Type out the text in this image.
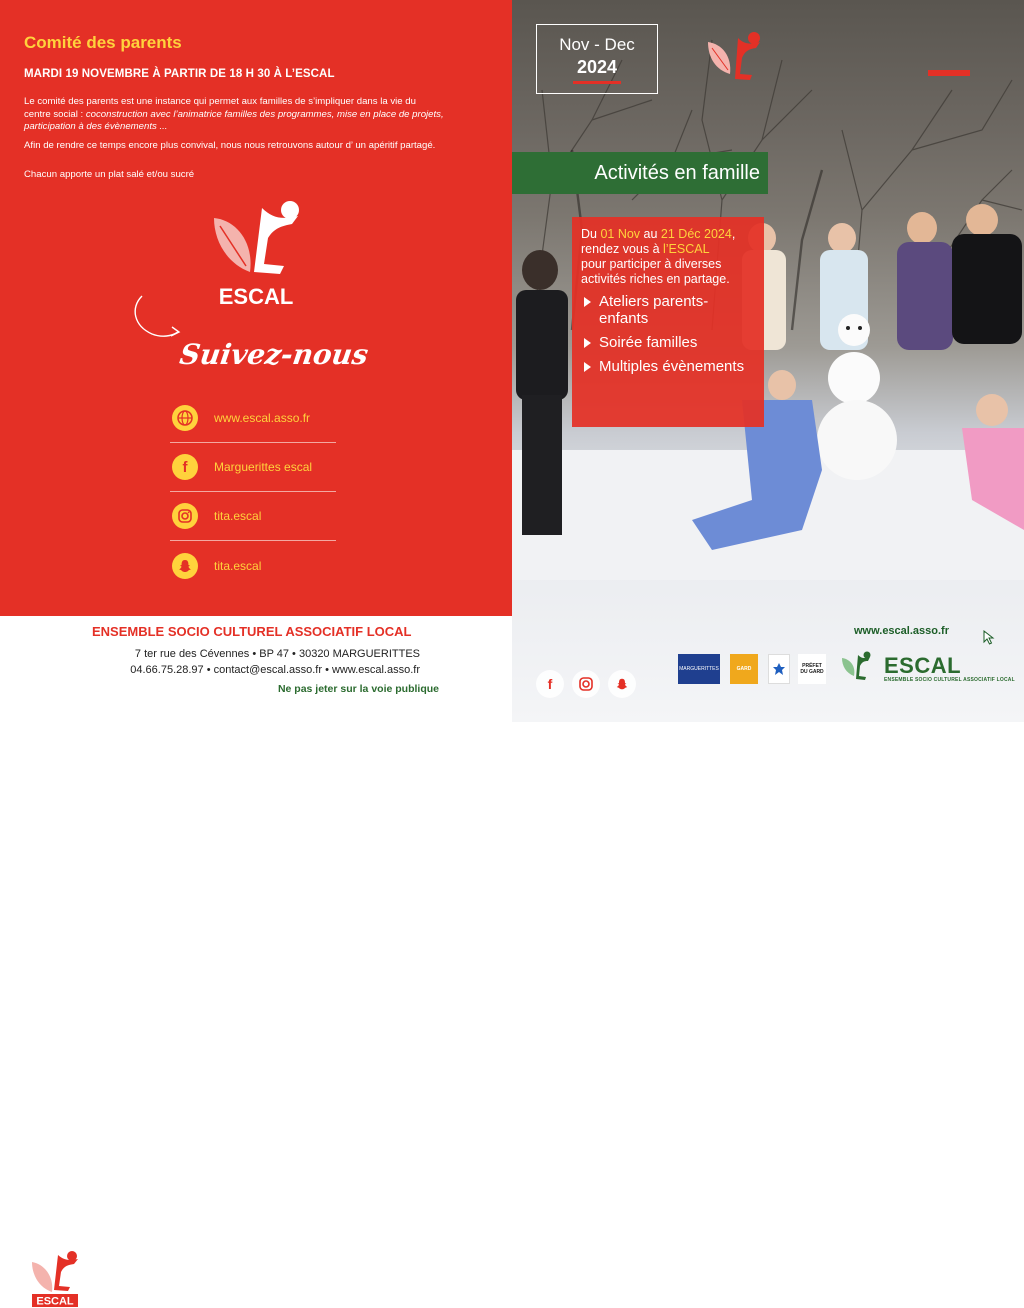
Comité des parents
MARDI 19 NOVEMBRE À PARTIR DE 18 H 30 À L’ESCAL
Le comité des parents est une instance qui permet aux familles de s’impliquer dans la vie du centre social : coconstruction avec l’animatrice familles des programmes, mise en place de projets, participation à des évènements ...
Afin de rendre ce temps encore plus convival, nous nous retrouvons autour d’ un apéritif partagé.
Chacun apporte un plat salé et/ou sucré
ESCAL
Suivez-nous
www.escal.asso.fr
f	Marguerittes escal
tita.escal
tita.escal
ESCAL
ENSEMBLE SOCIO CULTUREL ASSOCIATIF LOCAL
7 ter rue des Cévennes • BP 47 • 30320 MARGUERITTES
04.66.75.28.97 • contact@escal.asso.fr • www.escal.asso.fr
Ne pas jeter sur la voie publique
Nov - Dec
2024
Activités en famille
Du 01 Nov au 21 Déc 2024,
rendez vous à l’ESCAL
pour participer à diverses activités riches en partage.
Ateliers parents-enfants
Soirée familles
Multiples évènements
www.escal.asso.fr
f
MARGUERITTES	GARD	PRÉFET DU GARD	ESCAL
ENSEMBLE SOCIO CULTUREL ASSOCIATIF LOCAL
